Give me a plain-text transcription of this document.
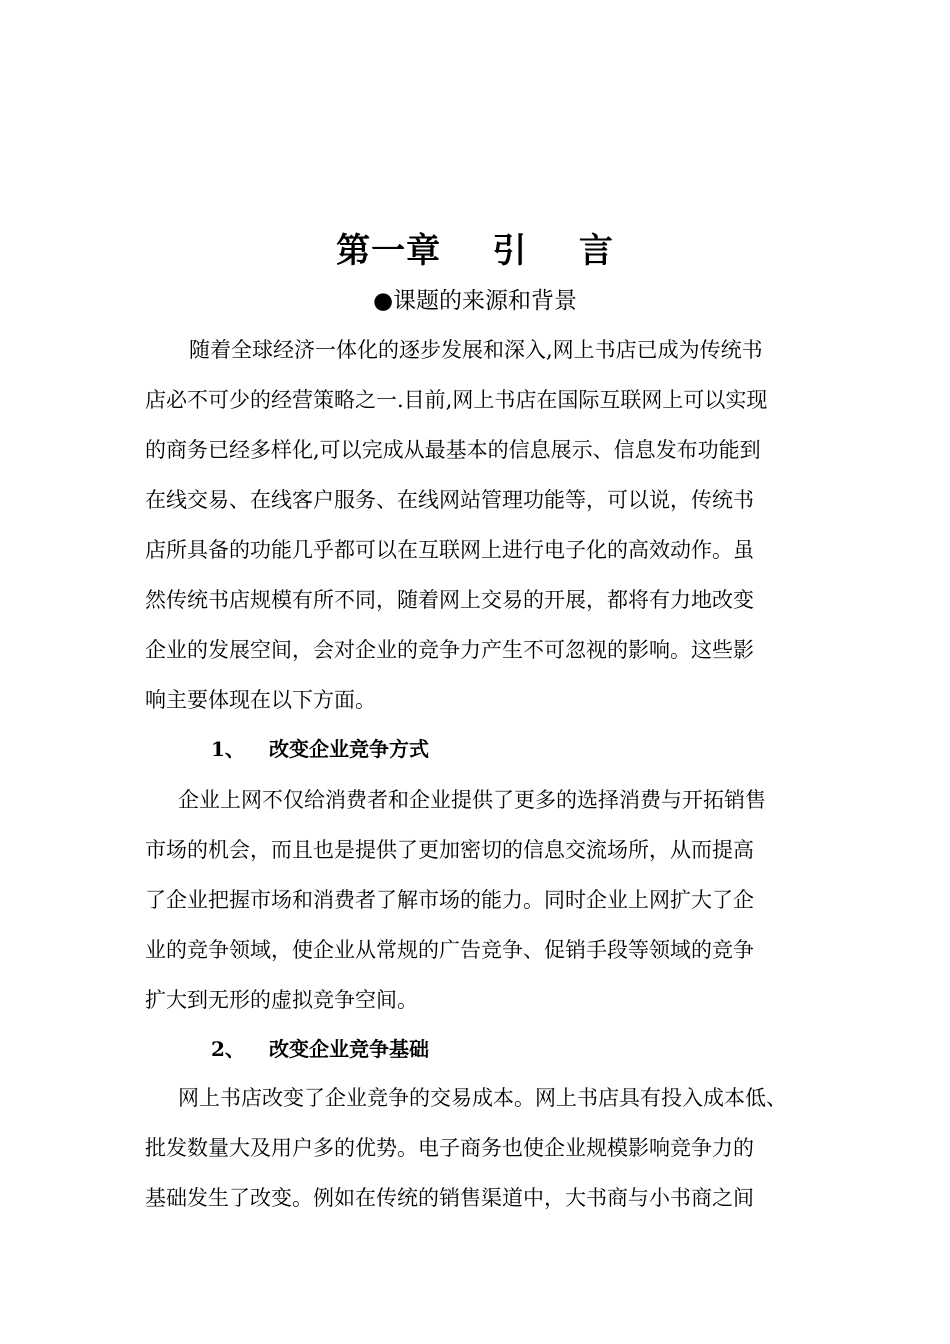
第一章    引    言
●课题的来源和背景
随着全球经济一体化的逐步发展和深入,网上书店已成为传统书
店必不可少的经营策略之一.目前,网上书店在国际互联网上可以实现
的商务已经多样化,可以完成从最基本的信息展示、信息发布功能到
在线交易、在线客户服务、在线网站管理功能等，可以说，传统书
店所具备的功能几乎都可以在互联网上进行电子化的高效动作。虽
然传统书店规模有所不同，随着网上交易的开展，都将有力地改变
企业的发展空间，会对企业的竞争力产生不可忽视的影响。这些影
响主要体现在以下方面。
1、 改变企业竞争方式
企业上网不仅给消费者和企业提供了更多的选择消费与开拓销售
市场的机会，而且也是提供了更加密切的信息交流场所，从而提高
了企业把握市场和消费者了解市场的能力。同时企业上网扩大了企
业的竞争领域，使企业从常规的广告竞争、促销手段等领域的竞争
扩大到无形的虚拟竞争空间。
2、 改变企业竞争基础
网上书店改变了企业竞争的交易成本。网上书店具有投入成本低、
批发数量大及用户多的优势。电子商务也使企业规模影响竞争力的
基础发生了改变。例如在传统的销售渠道中，大书商与小书商之间
